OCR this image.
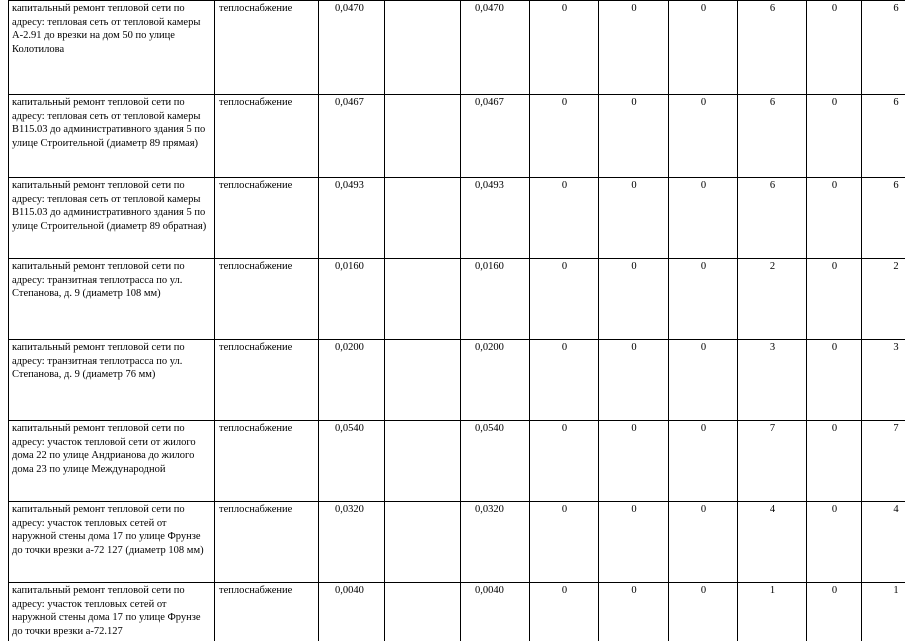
капитальный ремонт тепловой сети по адресу: тепловая сеть от тепловой камеры А-2.91 до врезки на дом 50 по улице Колотилова	теплоснабжение	0,0470		0,0470	0	0	0	6	0	6	
капитальный ремонт тепловой сети по адресу: тепловая сеть от тепловой камеры В115.03 до административного здания 5 по улице Строительной (диаметр 89 прямая)	теплоснабжение	0,0467		0,0467	0	0	0	6	0	6	
капитальный ремонт тепловой сети по адресу: тепловая сеть от тепловой камеры В115.03 до административного здания 5 по улице Строительной (диаметр 89 обратная)	теплоснабжение	0,0493		0,0493	0	0	0	6	0	6	
капитальный ремонт тепловой сети по адресу: транзитная теплотрасса по ул. Степанова, д. 9 (диаметр 108 мм)	теплоснабжение	0,0160		0,0160	0	0	0	2	0	2	
капитальный ремонт тепловой сети по адресу: транзитная теплотрасса по ул. Степанова, д. 9 (диаметр 76 мм)	теплоснабжение	0,0200		0,0200	0	0	0	3	0	3	
капитальный ремонт тепловой сети по адресу: участок тепловой сети от жилого дома 22 по улице Андрианова до жилого дома 23 по улице Международной	теплоснабжение	0,0540		0,0540	0	0	0	7	0	7	
капитальный ремонт тепловой сети по адресу: участок тепловых сетей от наружной стены дома 17 по улице Фрунзе до точки врезки а-72 127 (диаметр 108 мм)	теплоснабжение	0,0320		0,0320	0	0	0	4	0	4	
капитальный ремонт тепловой сети по адресу: участок тепловых сетей от наружной стены дома 17 по улице Фрунзе до точки врезки а-72.127	теплоснабжение	0,0040		0,0040	0	0	0	1	0	1	
